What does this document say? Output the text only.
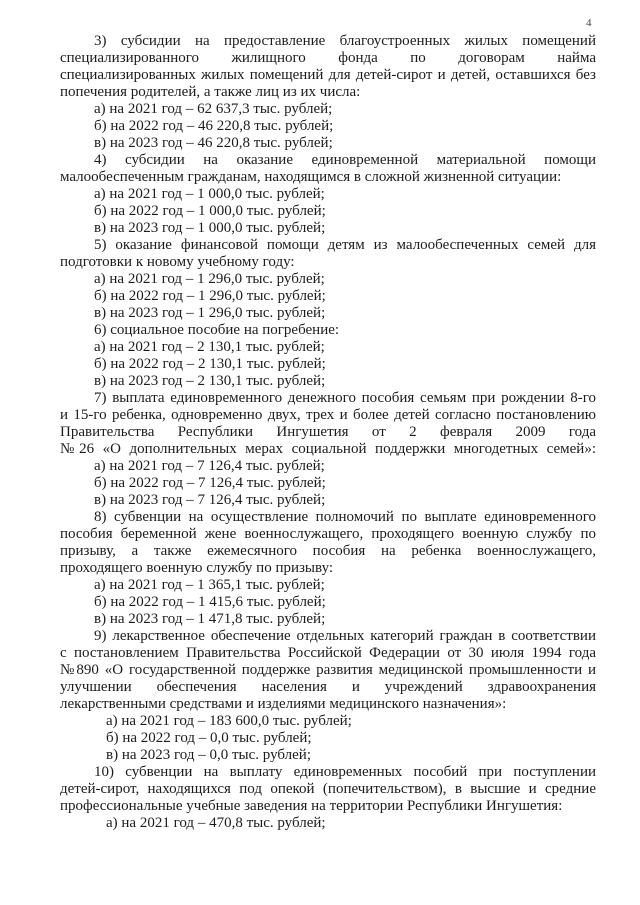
4
3) субсидии на предоставление благоустроенных жилых помещений
специализированного жилищного фонда по договорам найма
специализированных жилых помещений для детей-сирот и детей, оставшихся без
попечения родителей, а также лиц из их числа:
а) на 2021 год – 62 637,3 тыс. рублей;
б) на 2022 год – 46 220,8 тыс. рублей;
в) на 2023 год – 46 220,8 тыс. рублей;
4) субсидии на оказание единовременной материальной помощи
малообеспеченным гражданам, находящимся в сложной жизненной ситуации:
а) на 2021 год – 1 000,0 тыс. рублей;
б) на 2022 год – 1 000,0 тыс. рублей;
в) на 2023 год – 1 000,0 тыс. рублей;
5) оказание финансовой помощи детям из малообеспеченных семей для
подготовки к новому учебному году:
а) на 2021 год – 1 296,0 тыс. рублей;
б) на 2022 год – 1 296,0 тыс. рублей;
в) на 2023 год – 1 296,0 тыс. рублей;
6) социальное пособие на погребение:
а) на 2021 год – 2 130,1 тыс. рублей;
б) на 2022 год – 2 130,1 тыс. рублей;
в) на 2023 год – 2 130,1 тыс. рублей;
7) выплата единовременного денежного пособия семьям при рождении 8-го
и 15-го ребенка, одновременно двух, трех и более детей согласно постановлению
Правительства Республики Ингушетия от 2 февраля 2009 года
№26 «О дополнительных мерах социальной поддержки многодетных семей»:
а) на 2021 год – 7 126,4 тыс. рублей;
б) на 2022 год – 7 126,4 тыс. рублей;
в) на 2023 год – 7 126,4 тыс. рублей;
8) субвенции на осуществление полномочий по выплате единовременного
пособия беременной жене военнослужащего, проходящего военную службу по
призыву, а также ежемесячного пособия на ребенка военнослужащего,
проходящего военную службу по призыву:
а) на 2021 год – 1 365,1 тыс. рублей;
б) на 2022 год – 1 415,6 тыс. рублей;
в) на 2023 год – 1 471,8 тыс. рублей;
9) лекарственное обеспечение отдельных категорий граждан в соответствии
с постановлением Правительства Российской Федерации от 30 июля 1994 года
№890 «О государственной поддержке развития медицинской промышленности и
улучшении обеспечения населения и учреждений здравоохранения
лекарственными средствами и изделиями медицинского назначения»:
а) на 2021 год – 183 600,0 тыс. рублей;
б) на 2022 год – 0,0 тыс. рублей;
в) на 2023 год – 0,0 тыс. рублей;
10) субвенции на выплату единовременных пособий при поступлении
детей-сирот, находящихся под опекой (попечительством), в высшие и средние
профессиональные учебные заведения на территории Республики Ингушетия:
а) на 2021 год – 470,8 тыс. рублей;
